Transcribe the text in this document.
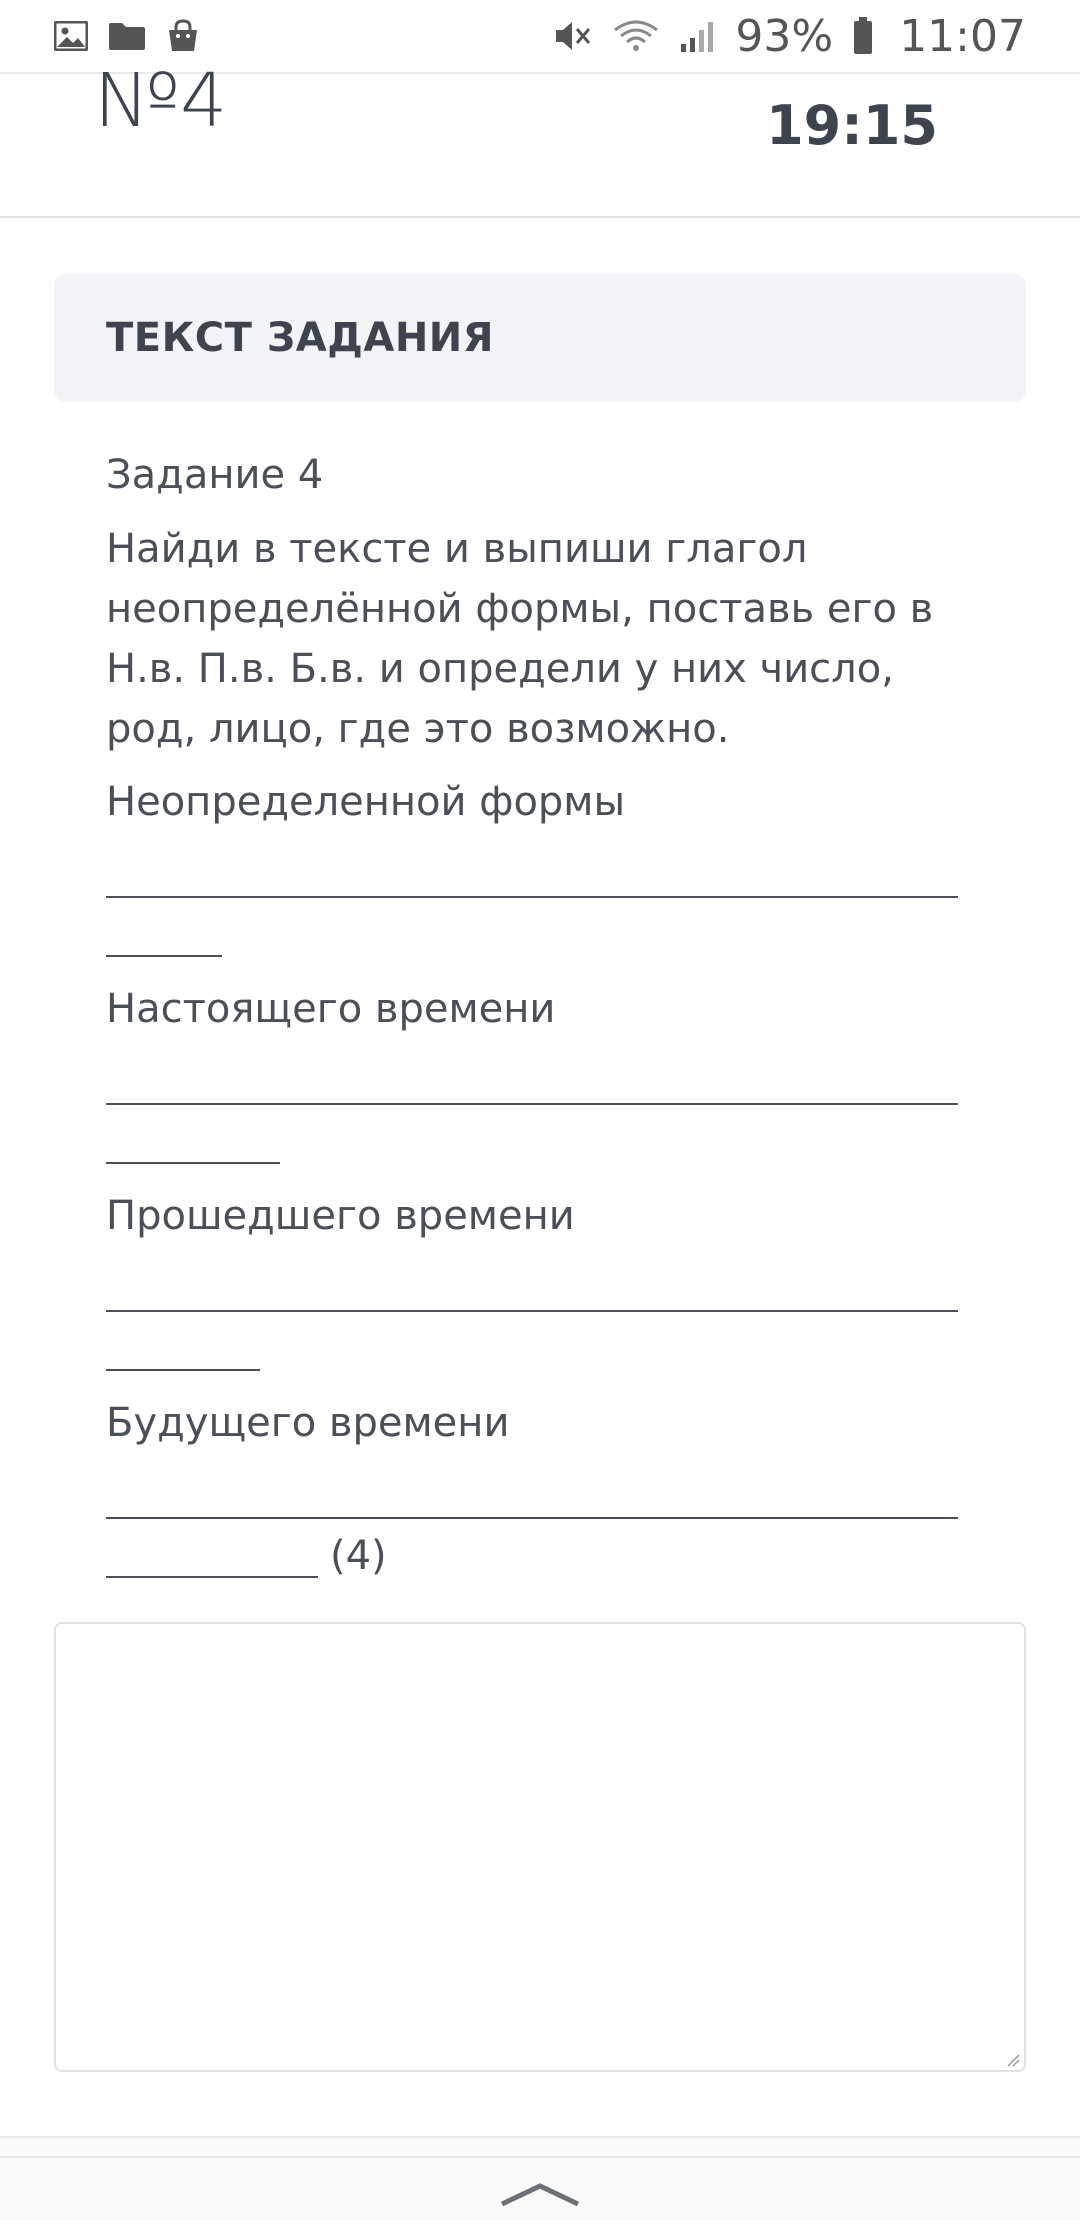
93% 11:07
№4	19:15
ТЕКСТ ЗАДАНИЯ
Задание 4
Найди в тексте и выпиши глагол
неопределённой формы, поставь его в
Н.в. П.в. Б.в. и определи у них число,
род, лицо, где это возможно.
Неопределенной формы
Настоящего времени
Прошедшего времени
Будущего времени
(4)
